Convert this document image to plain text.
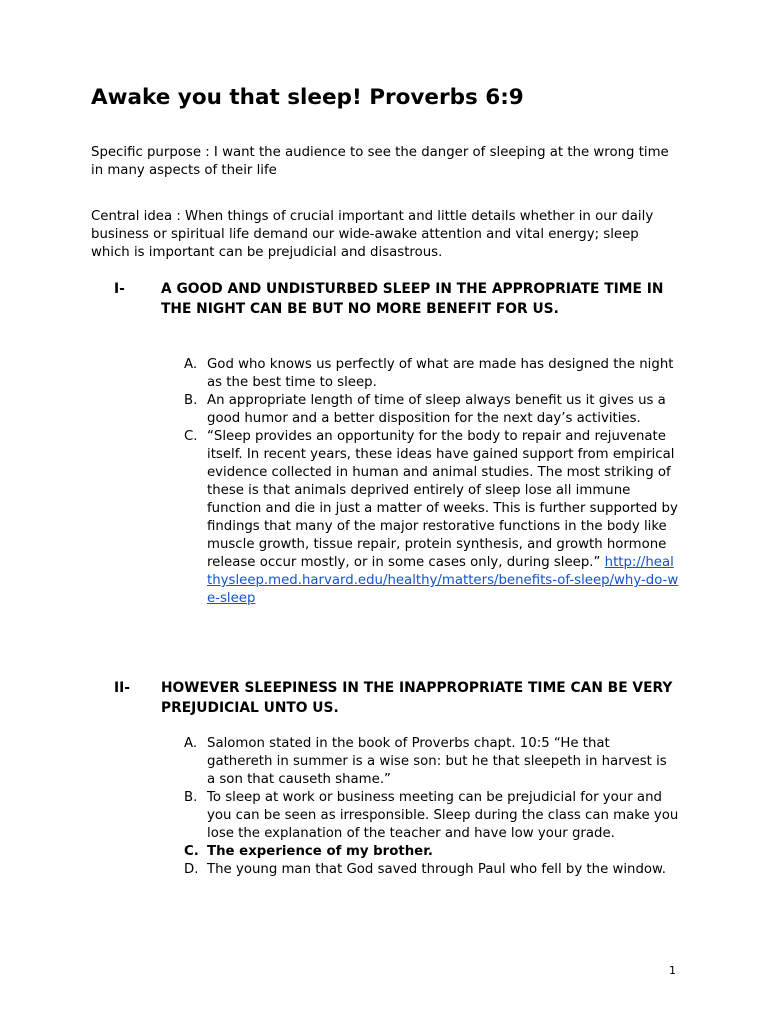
Awake you that sleep! Proverbs 6:9

Specific purpose : I want the audience to see the danger of sleeping at the wrong time in many aspects of their life

Central idea : When things of crucial important and little details whether in our daily business or spiritual life demand our wide-awake attention and vital energy; sleep which is important can be prejudicial and disastrous.

I-	A GOOD AND UNDISTURBED SLEEP IN THE APPROPRIATE TIME IN THE NIGHT CAN BE BUT NO MORE BENEFIT FOR US.
A. God who knows us perfectly of what are made has designed the night as the best time to sleep.
B. An appropriate length of time of sleep always benefit us it gives us a good humor and a better disposition for the next day’s activities.
C. “Sleep provides an opportunity for the body to repair and rejuvenate itself. In recent years, these ideas have gained support from empirical evidence collected in human and animal studies. The most striking of these is that animals deprived entirely of sleep lose all immune function and die in just a matter of weeks. This is further supported by findings that many of the major restorative functions in the body like muscle growth, tissue repair, protein synthesis, and growth hormone release occur mostly, or in some cases only, during sleep.” http://healthysleep.med.harvard.edu/healthy/matters/benefits-of-sleep/why-do-we-sleep
II- HOWEVER SLEEPINESS IN THE INAPPROPRIATE TIME CAN BE VERY PREJUDICIAL UNTO US.
A. Salomon stated in the book of Proverbs chapt. 10:5 “He that gathereth in summer is a wise son: but he that sleepeth in harvest is a son that causeth shame.”
B. To sleep at work or business meeting can be prejudicial for your and you can be seen as irresponsible. Sleep during the class can make you lose the explanation of the teacher and have low your grade.
C. The experience of my brother.
D. The young man that God saved through Paul who fell by the window.
1
